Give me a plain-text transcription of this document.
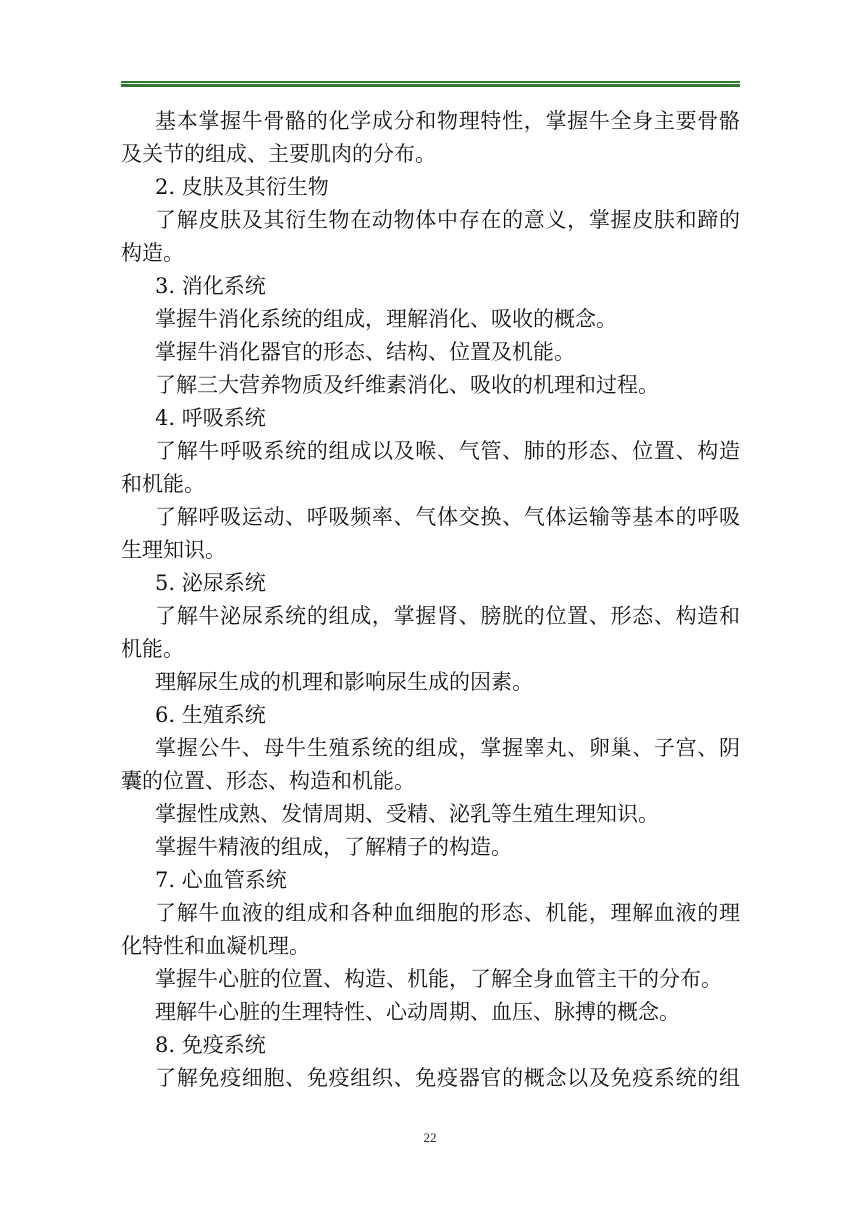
基本掌握牛骨骼的化学成分和物理特性，掌握牛全身主要骨骼
及关节的组成、主要肌肉的分布。
2. 皮肤及其衍生物
了解皮肤及其衍生物在动物体中存在的意义，掌握皮肤和蹄的
构造。
3. 消化系统
掌握牛消化系统的组成，理解消化、吸收的概念。
掌握牛消化器官的形态、结构、位置及机能。
了解三大营养物质及纤维素消化、吸收的机理和过程。
4. 呼吸系统
了解牛呼吸系统的组成以及喉、气管、肺的形态、位置、构造
和机能。
了解呼吸运动、呼吸频率、气体交换、气体运输等基本的呼吸
生理知识。
5. 泌尿系统
了解牛泌尿系统的组成，掌握肾、膀胱的位置、形态、构造和
机能。
理解尿生成的机理和影响尿生成的因素。
6. 生殖系统
掌握公牛、母牛生殖系统的组成，掌握睾丸、卵巢、子宫、阴
囊的位置、形态、构造和机能。
掌握性成熟、发情周期、受精、泌乳等生殖生理知识。
掌握牛精液的组成，了解精子的构造。
7. 心血管系统
了解牛血液的组成和各种血细胞的形态、机能，理解血液的理
化特性和血凝机理。
掌握牛心脏的位置、构造、机能，了解全身血管主干的分布。
理解牛心脏的生理特性、心动周期、血压、脉搏的概念。
8. 免疫系统
了解免疫细胞、免疫组织、免疫器官的概念以及免疫系统的组
22
